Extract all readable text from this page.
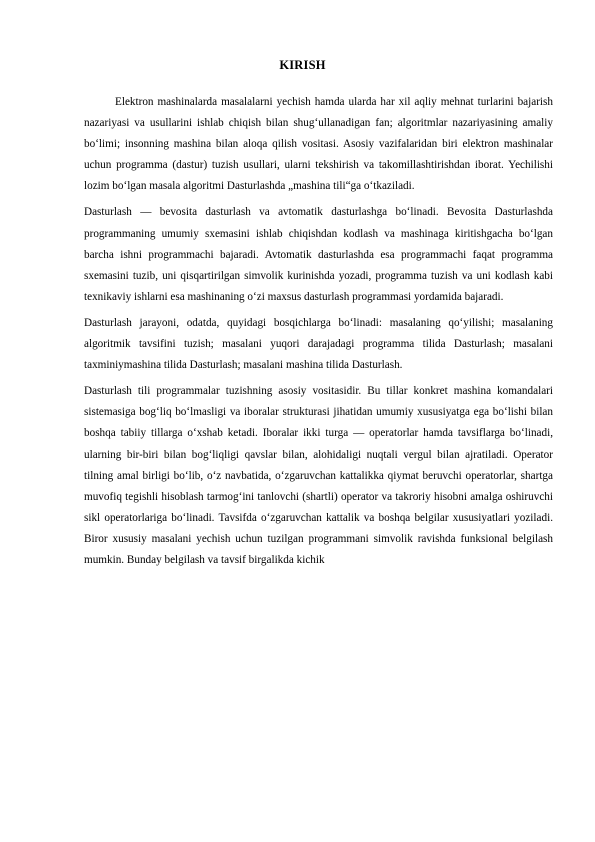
KIRISH

Elektron mashinalarda masalalarni yechish hamda ularda har xil aqliy mehnat turlarini bajarish nazariyasi va usullarini ishlab chiqish bilan shug‘ullanadigan fan; algoritmlar nazariyasining amaliy bo‘limi; insonning mashina bilan aloqa qilish vositasi. Asosiy vazifalaridan biri elektron mashinalar uchun programma (dastur) tuzish usullari, ularni tekshirish va takomillashtirishdan iborat. Yechilishi lozim bo‘lgan masala algoritmi Dasturlashda „mashina tili“ga o‘tkaziladi.

Dasturlash — bevosita dasturlash va avtomatik dasturlashga bo‘linadi. Bevosita Dasturlashda programmaning umumiy sxemasini ishlab chiqishdan kodlash va mashinaga kiritishgacha bo‘lgan barcha ishni programmachi bajaradi. Avtomatik dasturlashda esa programmachi faqat programma sxemasini tuzib, uni qisqartirilgan simvolik kurinishda yozadi, programma tuzish va uni kodlash kabi texnikaviy ishlarni esa mashinaning o‘zi maxsus dasturlash programmasi yordamida bajaradi.

Dasturlash jarayoni, odatda, quyidagi bosqichlarga bo‘linadi: masalaning qo‘yilishi; masalaning algoritmik tavsifini tuzish; masalani yuqori darajadagi programma tilida Dasturlash; masalani taxminiymashina tilida Dasturlash; masalani mashina tilida Dasturlash.

Dasturlash tili programmalar tuzishning asosiy vositasidir. Bu tillar konkret mashina komandalari sistemasiga bog‘liq bo‘lmasligi va iboralar strukturasi jihatidan umumiy xususiyatga ega bo‘lishi bilan boshqa tabiiy tillarga o‘xshab ketadi. Iboralar ikki turga — operatorlar hamda tavsiflarga bo‘linadi, ularning bir-biri bilan bog‘liqligi qavslar bilan, alohidaligi nuqtali vergul bilan ajratiladi. Operator tilning amal birligi bo‘lib, o‘z navbatida, o‘zgaruvchan kattalikka qiymat beruvchi operatorlar, shartga muvofiq tegishli hisoblash tarmog‘ini tanlovchi (shartli) operator va takroriy hisobni amalga oshiruvchi sikl operatorlariga bo‘linadi. Tavsifda o‘zgaruvchan kattalik va boshqa belgilar xususiyatlari yoziladi. Biror xususiy masalani yechish uchun tuzilgan programmani simvolik ravishda funksional belgilash mumkin. Bunday belgilash va tavsif birgalikda kichik
